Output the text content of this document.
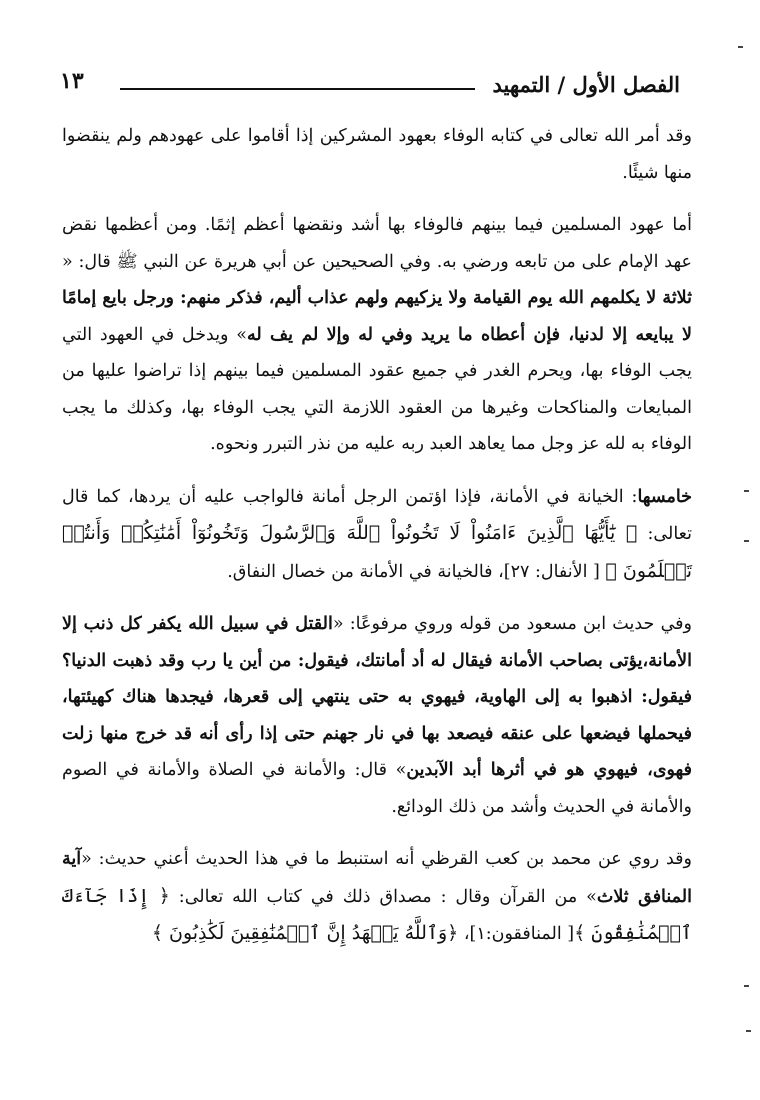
الفصل الأول / التمهيد
١٣

وقد أمر الله تعالى في كتابه الوفاء بعهود المشركين إذا أقاموا على عهودهم ولم ينقضوا منها شيئًا.

أما عهود المسلمين فيما بينهم فالوفاء بها أشد ونقضها أعظم إثمًا. ومن أعظمها نقض عهد الإمام على من تابعه ورضي به. وفي الصحيحين عن أبي هريرة عن النبي ﷺ قال: « ثلاثة لا يكلمهم الله يوم القيامة ولا يزكيهم ولهم عذاب أليم، فذكر منهم: ورجل بايع إمامًا لا يبايعه إلا لدنيا، فإن أعطاه ما يريد وفي له وإلا لم يف له» ويدخل في العهود التي يجب الوفاء بها، ويحرم الغدر في جميع عقود المسلمين فيما بينهم إذا تراضوا عليها من المبايعات والمناكحات وغيرها من العقود اللازمة التي يجب الوفاء بها، وكذلك ما يجب الوفاء به لله عز وجل مما يعاهد العبد ربه عليه من نذر التبرر ونحوه.

خامسها: الخيانة في الأمانة، فإذا اؤتمن الرجل أمانة فالواجب عليه أن يردها، كما قال تعالى: ﴿ يَٰٓأَيُّهَا ٱلَّذِينَ ءَامَنُواْ لَا تَخُونُواْ ٱللَّهَ وَٱلرَّسُولَ وَتَخُونُوٓاْ أَمَٰنَٰتِكُمۡ وَأَنتُمۡ تَعۡلَمُونَ ﴾ [ الأنفال: ٢٧]، فالخيانة في الأمانة من خصال النفاق.

وفي حديث ابن مسعود من قوله وروي مرفوعًا: «القتل في سبيل الله يكفر كل ذنب إلا الأمانة،يؤتى بصاحب الأمانة فيقال له أد أمانتك، فيقول: من أين يا رب وقد ذهبت الدنيا؟ فيقول: اذهبوا به إلى الهاوية، فيهوي به حتى ينتهي إلى قعرها، فيجدها هناك كهيئتها، فيحملها فيضعها على عنقه فيصعد بها في نار جهنم حتى إذا رأى أنه قد خرج منها زلت فهوى، فيهوي هو في أثرها أبد الآبدين» قال: والأمانة في الصلاة والأمانة في الصوم والأمانة في الحديث وأشد من ذلك الودائع.

وقد روي عن محمد بن كعب القرظي أنه استنبط ما في هذا الحديث أعني حديث: «آية المنافق ثلاث» من القرآن وقال : مصداق ذلك في كتاب الله تعالى: ﴿ إِذَا جَآءَكَ ٱلۡمُنَٰفِقُونَ ﴾[ المنافقون:١]، ﴿وَٱللَّهُ يَشۡهَدُ إِنَّ ٱلۡمُنَٰفِقِينَ لَكَٰذِبُونَ ﴾
